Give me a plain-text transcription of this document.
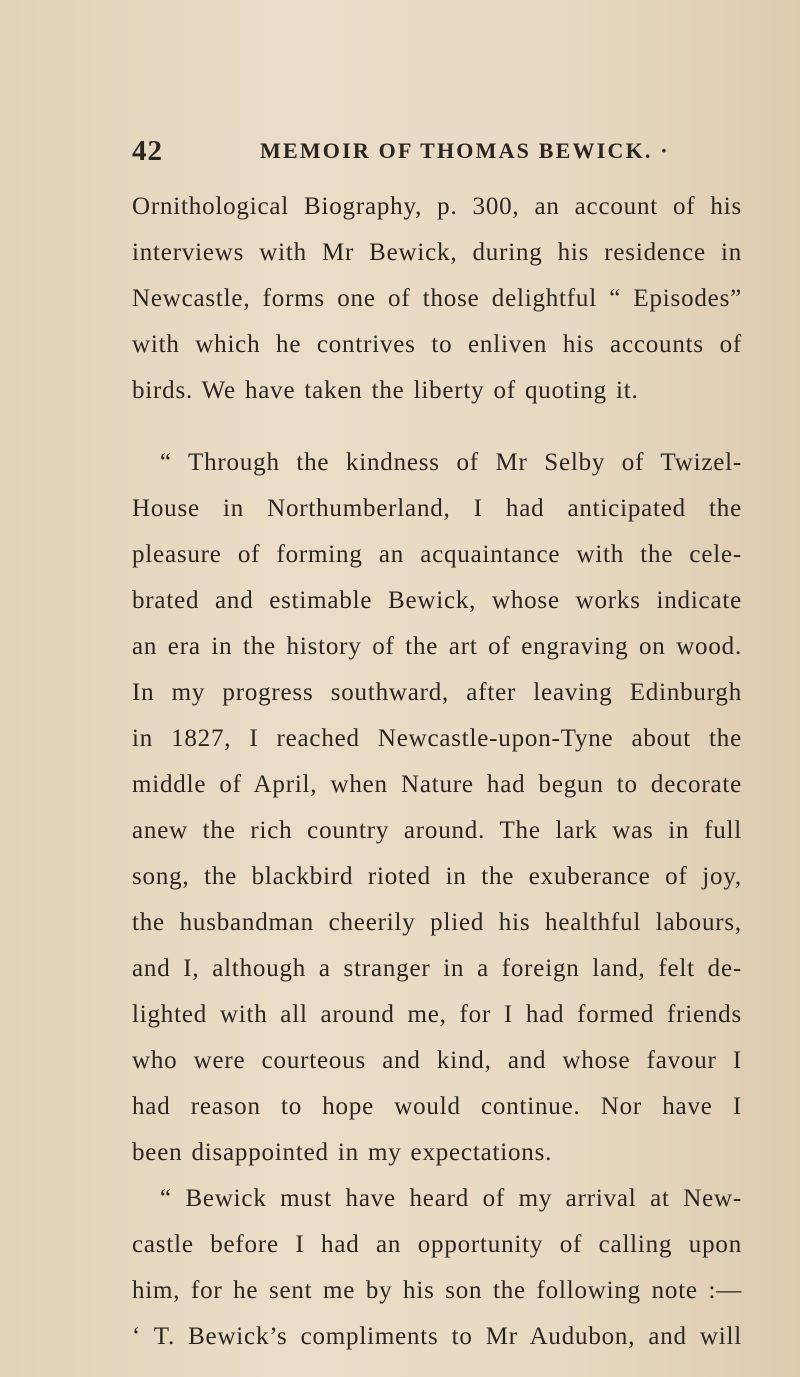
42	MEMOIR OF THOMAS BEWICK. ·
Ornithological Biography, p. 300, an account of his
interviews with Mr Bewick, during his residence in
Newcastle, forms one of those delightful “ Episodes”
with which he contrives to enliven his accounts of
birds. We have taken the liberty of quoting it.
“ Through the kindness of Mr Selby of Twizel-
House in Northumberland, I had anticipated the
pleasure of forming an acquaintance with the cele-
brated and estimable Bewick, whose works indicate
an era in the history of the art of engraving on wood.
In my progress southward, after leaving Edinburgh
in 1827, I reached Newcastle-upon-Tyne about the
middle of April, when Nature had begun to decorate
anew the rich country around. The lark was in full
song, the blackbird rioted in the exuberance of joy,
the husbandman cheerily plied his healthful labours,
and I, although a stranger in a foreign land, felt de-
lighted with all around me, for I had formed friends
who were courteous and kind, and whose favour I
had reason to hope would continue. Nor have I
been disappointed in my expectations.
“ Bewick must have heard of my arrival at New-
castle before I had an opportunity of calling upon
him, for he sent me by his son the following note :—
‘ T. Bewick’s compliments to Mr Audubon, and will
